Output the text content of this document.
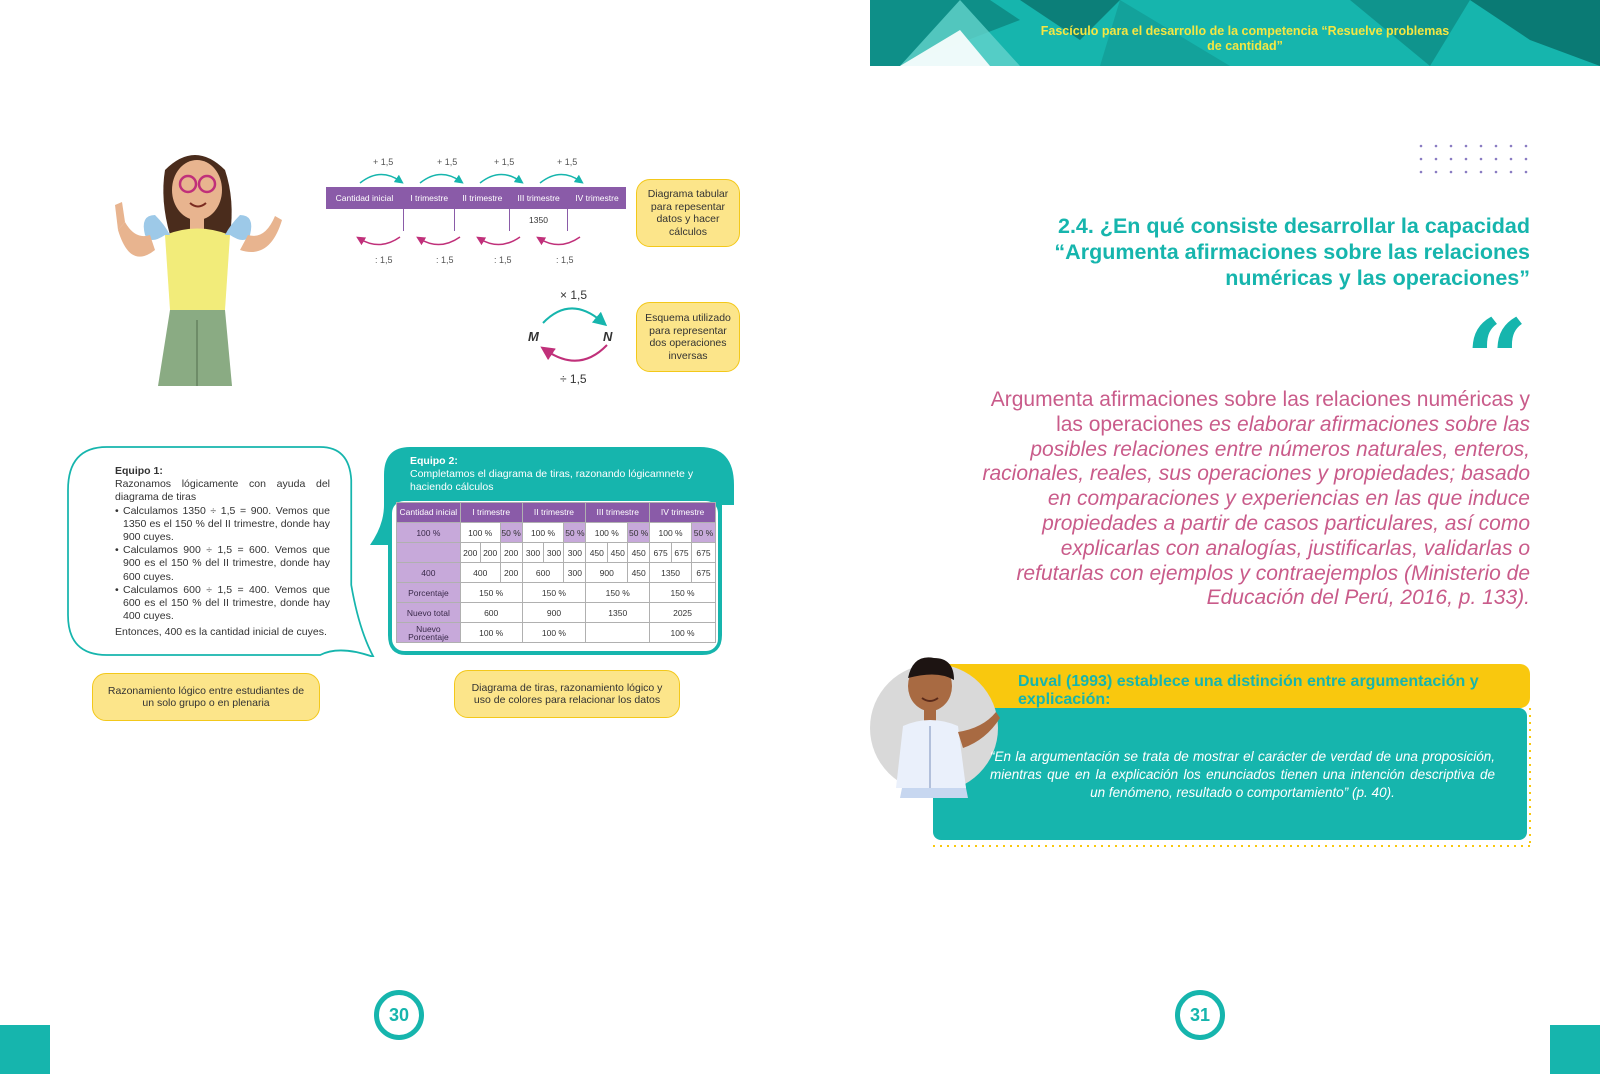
Fascículo para el desarrollo de la competencia “Resuelve problemas de cantidad”
+ 1,5	+ 1,5	+ 1,5	+ 1,5
Cantidad inicial	I trimestre	II trimestre	III trimestre	IV trimestre
			1350	
: 1,5	: 1,5	: 1,5	: 1,5
Diagrama tabular para repesentar datos y hacer cálculos
× 1,5
M	N
÷ 1,5
Esquema utilizado para representar dos operaciones inversas
Equipo 1:
Razonamos lógicamente con ayuda del diagrama de tiras
• Calculamos 1350 ÷ 1,5 = 900. Vemos que 1350 es el 150 % del II trimestre, donde hay 900 cuyes.
• Calculamos 900 ÷ 1,5 = 600. Vemos que 900 es el 150 % del II trimestre, donde hay 600 cuyes.
• Calculamos 600 ÷ 1,5 = 400. Vemos que 600 es el 150 % del II trimestre, donde hay 400 cuyes.
Entonces, 400 es la cantidad inicial de cuyes.
Razonamiento lógico entre estudiantes de un solo grupo o en plenaria
Equipo 2:
Completamos el diagrama de tiras, razonando lógicamnete y haciendo cálculos
Cantidad inicial	I trimestre			II trimestre			III trimestre			IV trimestre		
100 %	100 %		50 %	100 %		50 %	100 %		50 %	100 %		50 %
	200	200	200	300	300	300	450	450	450	675	675	675
400	400		200	600		300	900		450	1350		675
Porcentaje	150 %			150 %			150 %			150 %		
Nuevo total	600			900			1350			2025		
Nuevo Porcentaje	100 %			100 %						100 %		
Diagrama de tiras, razonamiento lógico y uso de colores para relacionar los datos
30
2.4. ¿En qué consiste desarrollar la capacidad “Argumenta afirmaciones sobre las relaciones numéricas y las operaciones”
“
Argumenta afirmaciones sobre las relaciones numéricas y las operaciones es elaborar afirmaciones sobre las posibles relaciones entre números naturales, enteros, racionales, reales, sus operaciones y propiedades; basado en comparaciones y experiencias en las que induce propiedades a partir de casos particulares, así como explicarlas con analogías, justificarlas, validarlas o refutarlas con ejemplos y contraejemplos (Ministerio de Educación del Perú, 2016, p. 133).
Duval (1993) establece una distinción entre argumentación y explicación:
“En la argumentación se trata de mostrar el carácter de verdad de una proposición, mientras que en la explicación los enunciados tienen una intención descriptiva de un fenómeno, resultado o comportamiento” (p. 40).
31
